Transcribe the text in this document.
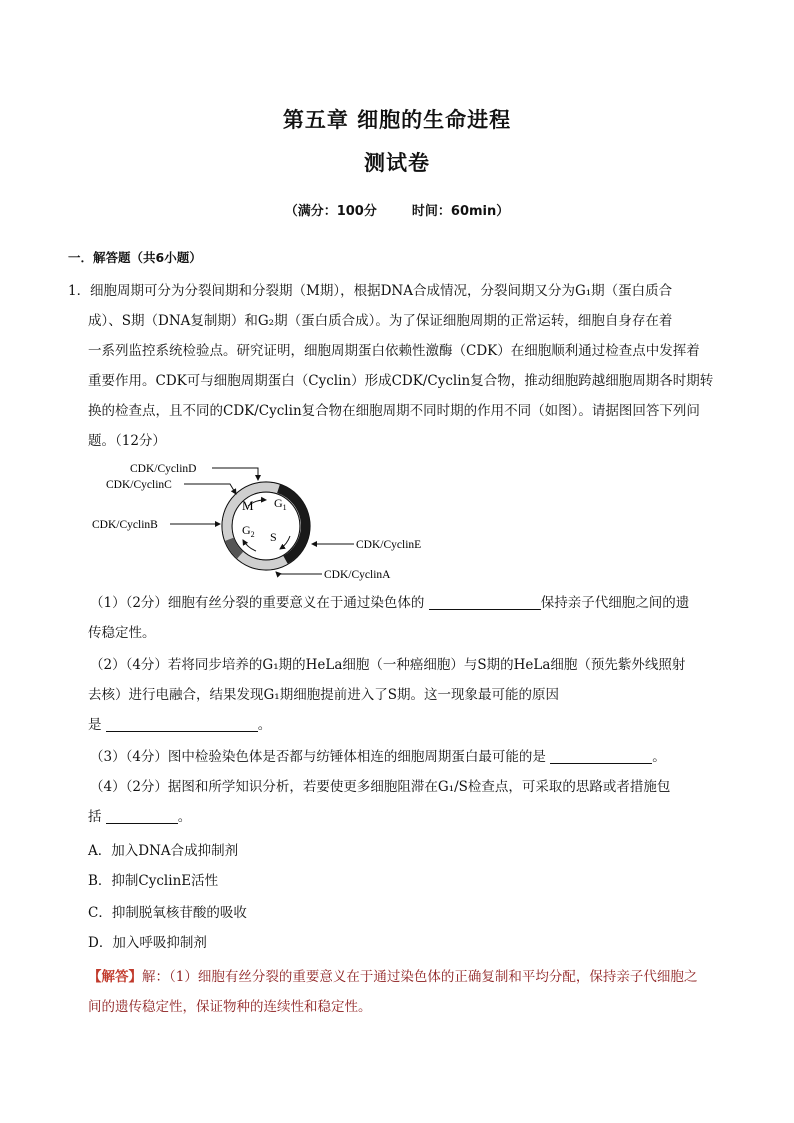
第五章 细胞的生命进程
测试卷
（满分：100分	时间：60min）
一．解答题（共6小题）
1． 细胞周期可分为分裂间期和分裂期（M期），根据DNA合成情况，分裂间期又分为G₁期（蛋白质合
成）、S期（DNA复制期）和G₂期（蛋白质合成）。为了保证细胞周期的正常运转，细胞自身存在着
一系列监控系统检验点。研究证明，细胞周期蛋白依赖性激酶（CDK）在细胞顺利通过检查点中发挥着
重要作用。CDK可与细胞周期蛋白（Cyclin）形成CDK/Cyclin复合物，推动细胞跨越细胞周期各时期转
换的检查点，且不同的CDK/Cyclin复合物在细胞周期不同时期的作用不同（如图）。请据图回答下列问
题。（12分）
M $G_1$
$G_2$ S
CDK/CyclinD
CDK/CyclinC
CDK/CyclinB
CDK/CyclinE
CDK/CyclinA
（1）（2分）细胞有丝分裂的重要意义在于通过染色体的	保持亲子代细胞之间的遗
传稳定性。
（2）（4分）若将同步培养的G₁期的HeLa细胞（一种癌细胞）与S期的HeLa细胞（预先紫外线照射
去核）进行电融合，结果发现G₁期细胞提前进入了S期。这一现象最可能的原因
是	。
（3）（4分）图中检验染色体是否都与纺锤体相连的细胞周期蛋白最可能的是	。
（4）（2分）据图和所学知识分析，若要使更多细胞阻滞在G₁/S检查点，可采取的思路或者措施包
括	。
A．加入DNA合成抑制剂
B．抑制CyclinE活性
C．抑制脱氧核苷酸的吸收
D．加入呼吸抑制剂
【解答】解：（1）细胞有丝分裂的重要意义在于通过染色体的正确复制和平均分配，保持亲子代细胞之
间的遗传稳定性，保证物种的连续性和稳定性。
